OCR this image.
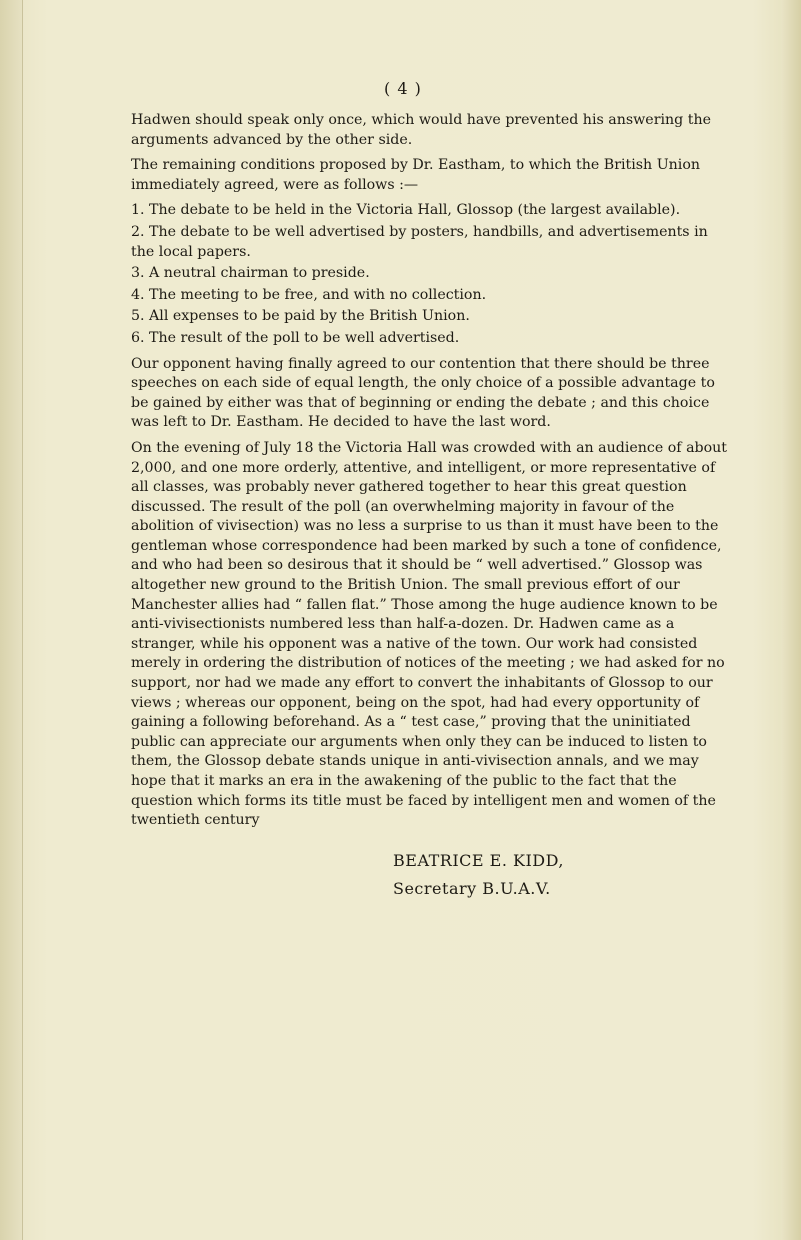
( 4 )

Hadwen should speak only once, which would have prevented his answering the arguments advanced by the other side.

The remaining conditions proposed by Dr. Eastham, to which the British Union immediately agreed, were as follows :—

1. The debate to be held in the Victoria Hall, Glossop (the largest available).
2. The debate to be well advertised by posters, handbills, and advertisements in the local papers.
3. A neutral chairman to preside.
4. The meeting to be free, and with no collection.
5. All expenses to be paid by the British Union.
6. The result of the poll to be well advertised.

Our opponent having finally agreed to our contention that there should be three speeches on each side of equal length, the only choice of a possible advantage to be gained by either was that of beginning or ending the debate ; and this choice was left to Dr. Eastham. He decided to have the last word.

On the evening of July 18 the Victoria Hall was crowded with an audience of about 2,000, and one more orderly, attentive, and intelligent, or more representative of all classes, was probably never gathered together to hear this great question discussed. The result of the poll (an overwhelming majority in favour of the abolition of vivisection) was no less a surprise to us than it must have been to the gentleman whose correspondence had been marked by such a tone of confidence, and who had been so desirous that it should be “ well advertised.” Glossop was altogether new ground to the British Union. The small previous effort of our Manchester allies had “ fallen flat.” Those among the huge audience known to be anti-vivisectionists numbered less than half-a-dozen. Dr. Hadwen came as a stranger, while his opponent was a native of the town. Our work had consisted merely in ordering the distribution of notices of the meeting ; we had asked for no support, nor had we made any effort to convert the inhabitants of Glossop to our views ; whereas our opponent, being on the spot, had had every opportunity of gaining a following beforehand. As a “ test case,” proving that the uninitiated public can appreciate our arguments when only they can be induced to listen to them, the Glossop debate stands unique in anti-vivisection annals, and we may hope that it marks an era in the awakening of the public to the fact that the question which forms its title must be faced by intelligent men and women of the twentieth century

BEATRICE E. KIDD,
Secretary B.U.A.V.
